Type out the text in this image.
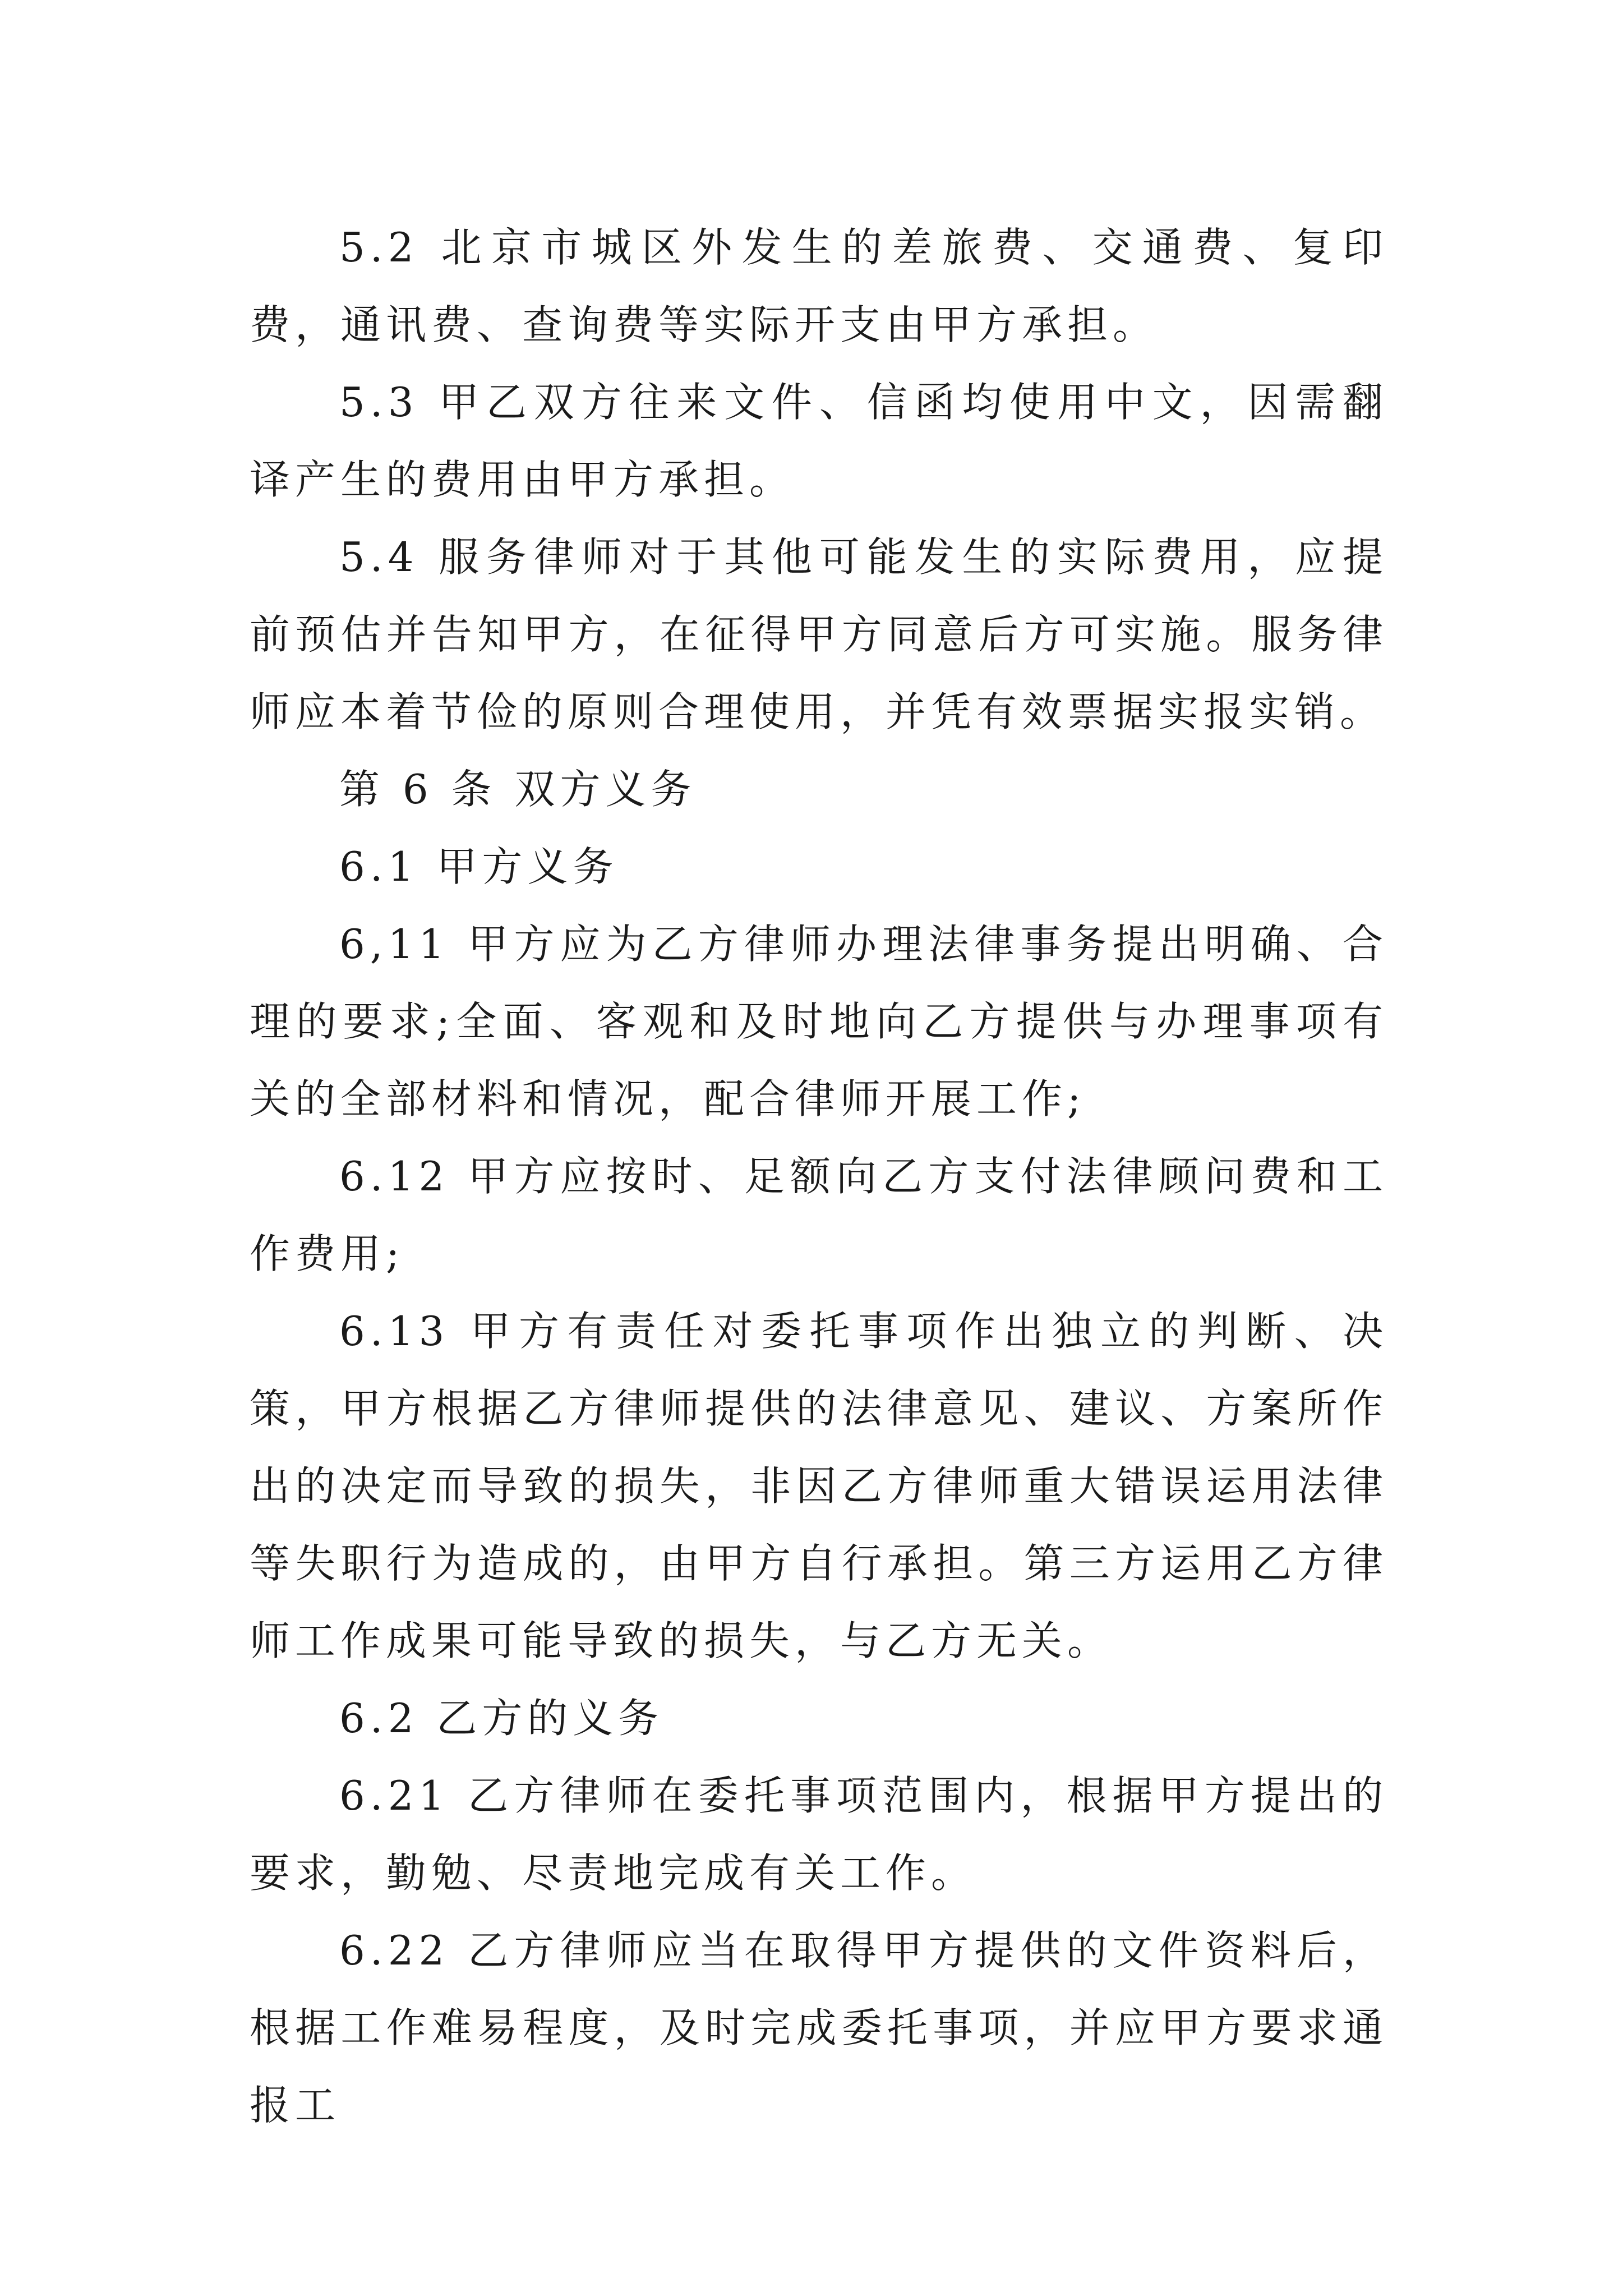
5.2 北京市城区外发生的差旅费、交通费、复印费，通讯费、查询费等实际开支由甲方承担。

5.3 甲乙双方往来文件、信函均使用中文，因需翻译产生的费用由甲方承担。

5.4 服务律师对于其他可能发生的实际费用，应提前预估并告知甲方，在征得甲方同意后方可实施。服务律师应本着节俭的原则合理使用，并凭有效票据实报实销。

第 6 条 双方义务

6.1 甲方义务

6,11 甲方应为乙方律师办理法律事务提出明确、合理的要求;全面、客观和及时地向乙方提供与办理事项有关的全部材料和情况，配合律师开展工作;

6.12 甲方应按时、足额向乙方支付法律顾问费和工作费用;

6.13 甲方有责任对委托事项作出独立的判断、决策，甲方根据乙方律师提供的法律意见、建议、方案所作出的决定而导致的损失，非因乙方律师重大错误运用法律等失职行为造成的，由甲方自行承担。第三方运用乙方律师工作成果可能导致的损失，与乙方无关。

6.2 乙方的义务

6.21 乙方律师在委托事项范围内，根据甲方提出的要求，勤勉、尽责地完成有关工作。

6.22 乙方律师应当在取得甲方提供的文件资料后，根据工作难易程度，及时完成委托事项，并应甲方要求通报工
